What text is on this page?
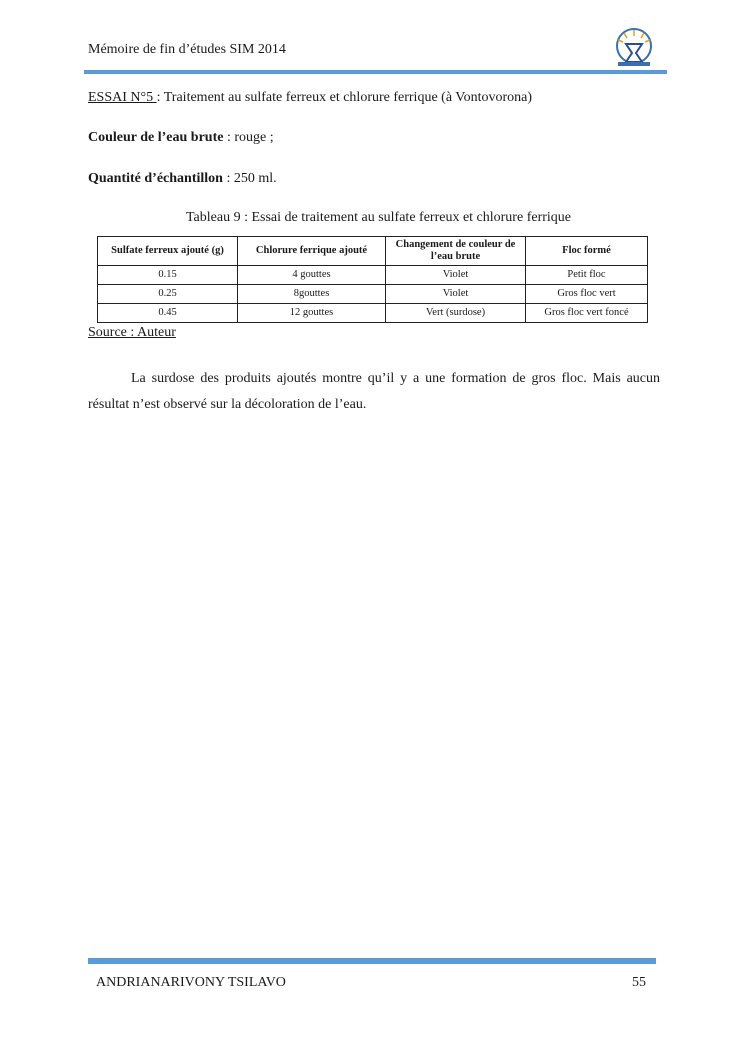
Mémoire de fin d’études SIM 2014
ESSAI N°5 : Traitement au sulfate ferreux et chlorure ferrique (à Vontovorona)
Couleur de l’eau brute : rouge ;
Quantité d’échantillon : 250 ml.
Tableau 9 : Essai de traitement au sulfate ferreux et chlorure ferrique
Sulfate ferreux ajouté (g)	Chlorure ferrique ajouté	Changement de couleur de l’eau brute	Floc formé
0.15	4 gouttes	Violet	Petit floc
0.25	8gouttes	Violet	Gros floc vert
0.45	12 gouttes	Vert (surdose)	Gros floc vert foncé
Source : Auteur
La surdose des produits ajoutés montre qu’il y a une formation de gros floc. Mais aucun résultat n’est observé sur la décoloration de l’eau.
ANDRIANARIVONY TSILAVO	55
